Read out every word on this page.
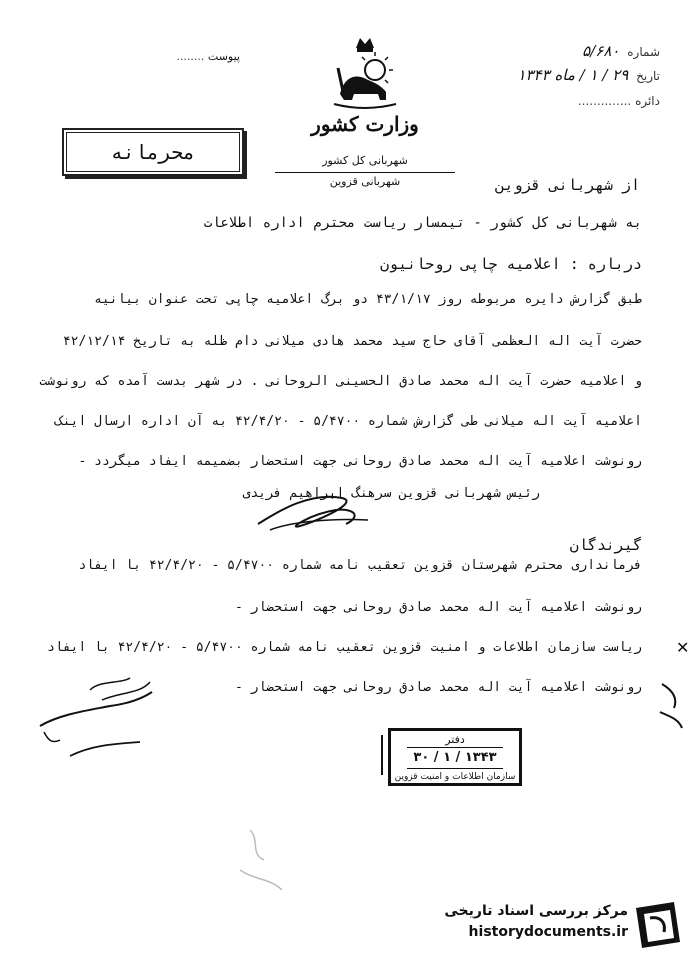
پیوست ........	شماره ۵/۶۸۰
تاریخ ۲۹ / ۱ / ماه ۱۳۴۳
دائره ..............
وزارت کشور
شهربانی کل کشور
شهربانی قزوین
محرمانه
از شهربانی قزوین
به شهربانی کل کشور - تیمسار ریاست محترم اداره اطلاعات
درباره : اعلامیه چاپی روحانیون
طبق گزارش دایره مربوطه روز ۴۳/۱/۱۷ دو برگ اعلامیه چاپی تحت عنوان بیانیه
حضرت آیت اله العظمی آقای حاج سید محمد هادی میلانی دام ظله به تاریخ ۴۲/۱۲/۱۴
و اعلامیه حضرت آیت اله محمد صادق الحسینی الروحانی . در شهر بدست آمده که رونوشت
اعلامیه آیت اله میلانی طی گزارش شماره ۵/۴۷۰۰ - ۴۲/۴/۲۰ به آن اداره ارسال اینک
رونوشت اعلامیه آیت اله محمد صادق روحانی جهت استحضار بضمیمه ایفاد میگردد -
رئیس شهربانی قزوین سرهنگ ابراهیم فریدی
گیرندگان
فرمانداری محترم شهرستان قزوین تعقیب نامه شماره ۵/۴۷۰۰ - ۴۲/۴/۲۰ با ایفاد
رونوشت اعلامیه آیت اله محمد صادق روحانی جهت استحضار -
ریاست سازمان اطلاعات و امنیت قزوین تعقیب نامه شماره ۵/۴۷۰۰ - ۴۲/۴/۲۰ با ایفاد
رونوشت اعلامیه آیت اله محمد صادق روحانی جهت استحضار -
✕
دفتر
۱۳۴۳ / ۱ / ۳۰
سازمان اطلاعات و امنیت قزوین
مرکز بررسی اسناد تاریخی
historydocuments.ir
